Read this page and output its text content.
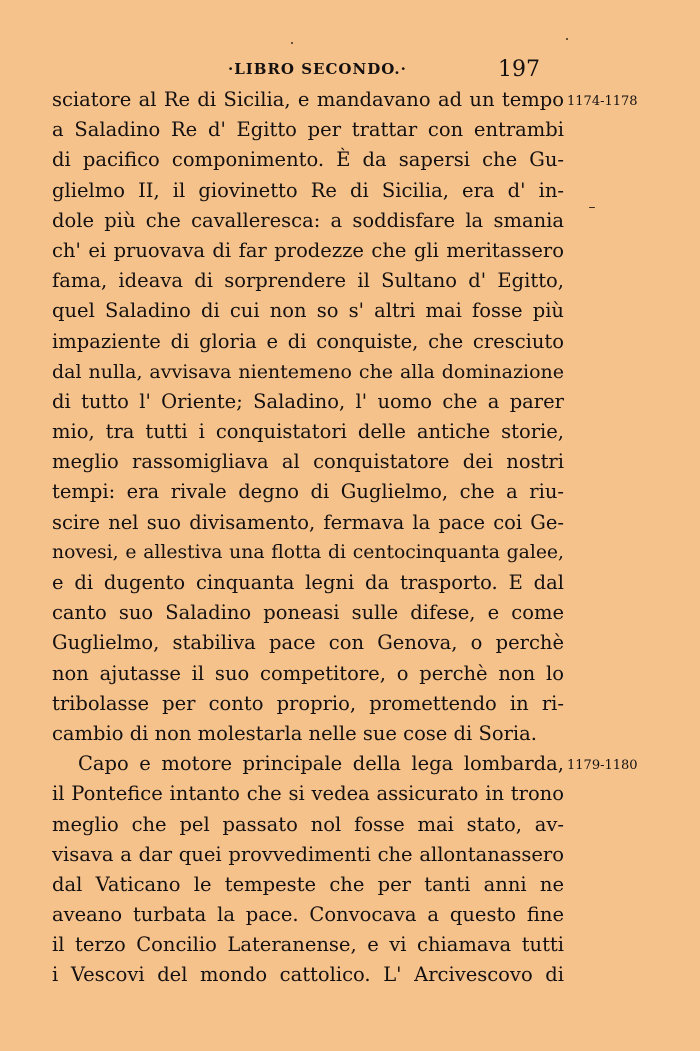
·LIBRO SECONDO.·	197
sciatore al Re di Sicilia, e mandavano ad un tempo
a Saladino Re d' Egitto per trattar con entrambi
di pacifico componimento. È da sapersi che Gu-
glielmo II, il giovinetto Re di Sicilia, era d' in-
dole più che cavalleresca: a soddisfare la smania
ch' ei pruovava di far prodezze che gli meritassero
fama, ideava di sorprendere il Sultano d' Egitto,
quel Saladino di cui non so s' altri mai fosse più
impaziente di gloria e di conquiste, che cresciuto
dal nulla, avvisava nientemeno che alla dominazione
di tutto l' Oriente; Saladino, l' uomo che a parer
mio, tra tutti i conquistatori delle antiche storie,
meglio rassomigliava al conquistatore dei nostri
tempi: era rivale degno di Guglielmo, che a riu-
scire nel suo divisamento, fermava la pace coi Ge-
novesi, e allestiva una flotta di centocinquanta galee,
e di dugento cinquanta legni da trasporto. E dal
canto suo Saladino poneasi sulle difese, e come
Guglielmo, stabiliva pace con Genova, o perchè
non ajutasse il suo competitore, o perchè non lo
tribolasse per conto proprio, promettendo in ri-
cambio di non molestarla nelle sue cose di Soria.
Capo e motore principale della lega lombarda,
il Pontefice intanto che si vedea assicurato in trono
meglio che pel passato nol fosse mai stato, av-
visava a dar quei provvedimenti che allontanassero
dal Vaticano le tempeste che per tanti anni ne
aveano turbata la pace. Convocava a questo fine
il terzo Concilio Lateranense, e vi chiamava tutti
i Vescovi del mondo cattolico. L' Arcivescovo di
1174-1178
1179-1180
